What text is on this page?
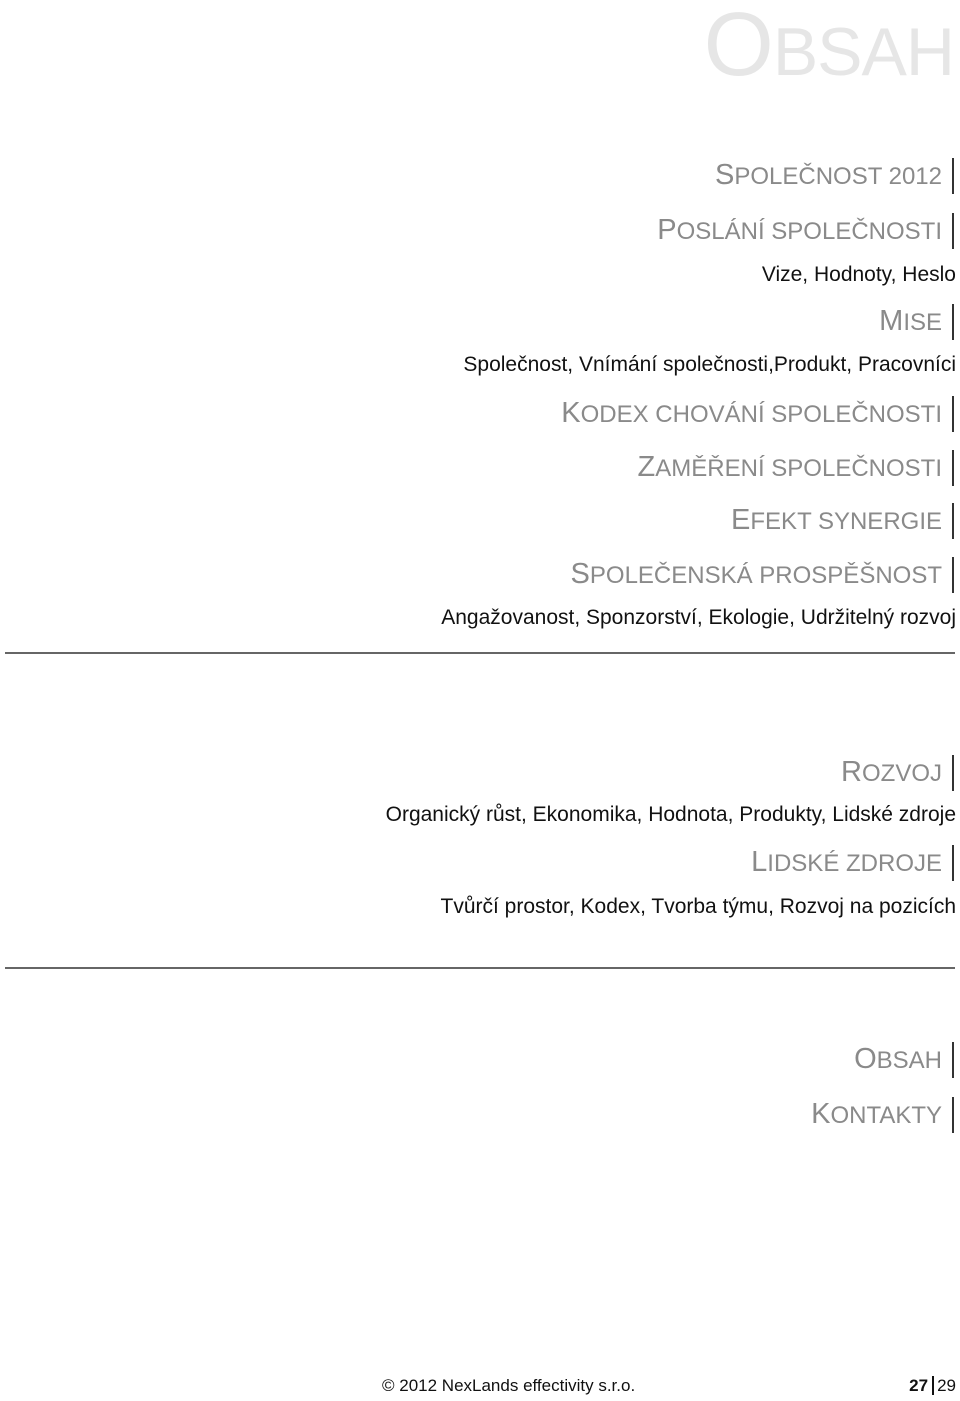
OBSAH
SPOLEČNOST 2012
POSLÁNÍ SPOLEČNOSTI
Vize, Hodnoty, Heslo
MISE
Společnost, Vnímání společnosti,Produkt, Pracovníci
KODEX CHOVÁNÍ SPOLEČNOSTI
ZAMĚŘENÍ SPOLEČNOSTI
EFEKT SYNERGIE
SPOLEČENSKÁ PROSPĚŠNOST
Angažovanost, Sponzorství, Ekologie, Udržitelný rozvoj
ROZVOJ
Organický růst, Ekonomika, Hodnota, Produkty, Lidské zdroje
LIDSKÉ ZDROJE
Tvůrčí prostor, Kodex, Tvorba týmu, Rozvoj na pozicích
OBSAH
KONTAKTY
© 2012 NexLands effectivity s.r.o.	27 29
